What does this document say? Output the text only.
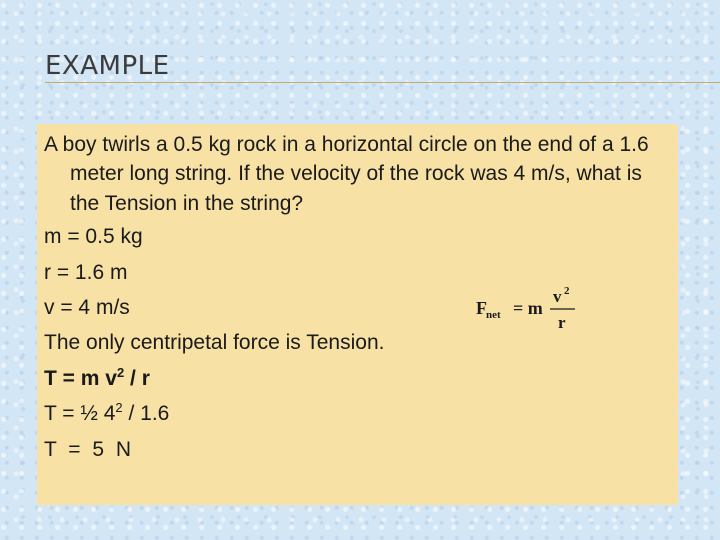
EXAMPLE

A boy twirls a 0.5 kg rock in a horizontal circle on the end of a 1.6 meter long string. If the velocity of the rock was 4 m/s, what is the Tension in the string?

m = 0.5 kg

r = 1.6 m

v = 4 m/s

The only centripetal force is Tension.

T = m $v^2$ / r

T = ½ $4^2 / 1.6$

T = 5 N

F net = m
v 2
r
